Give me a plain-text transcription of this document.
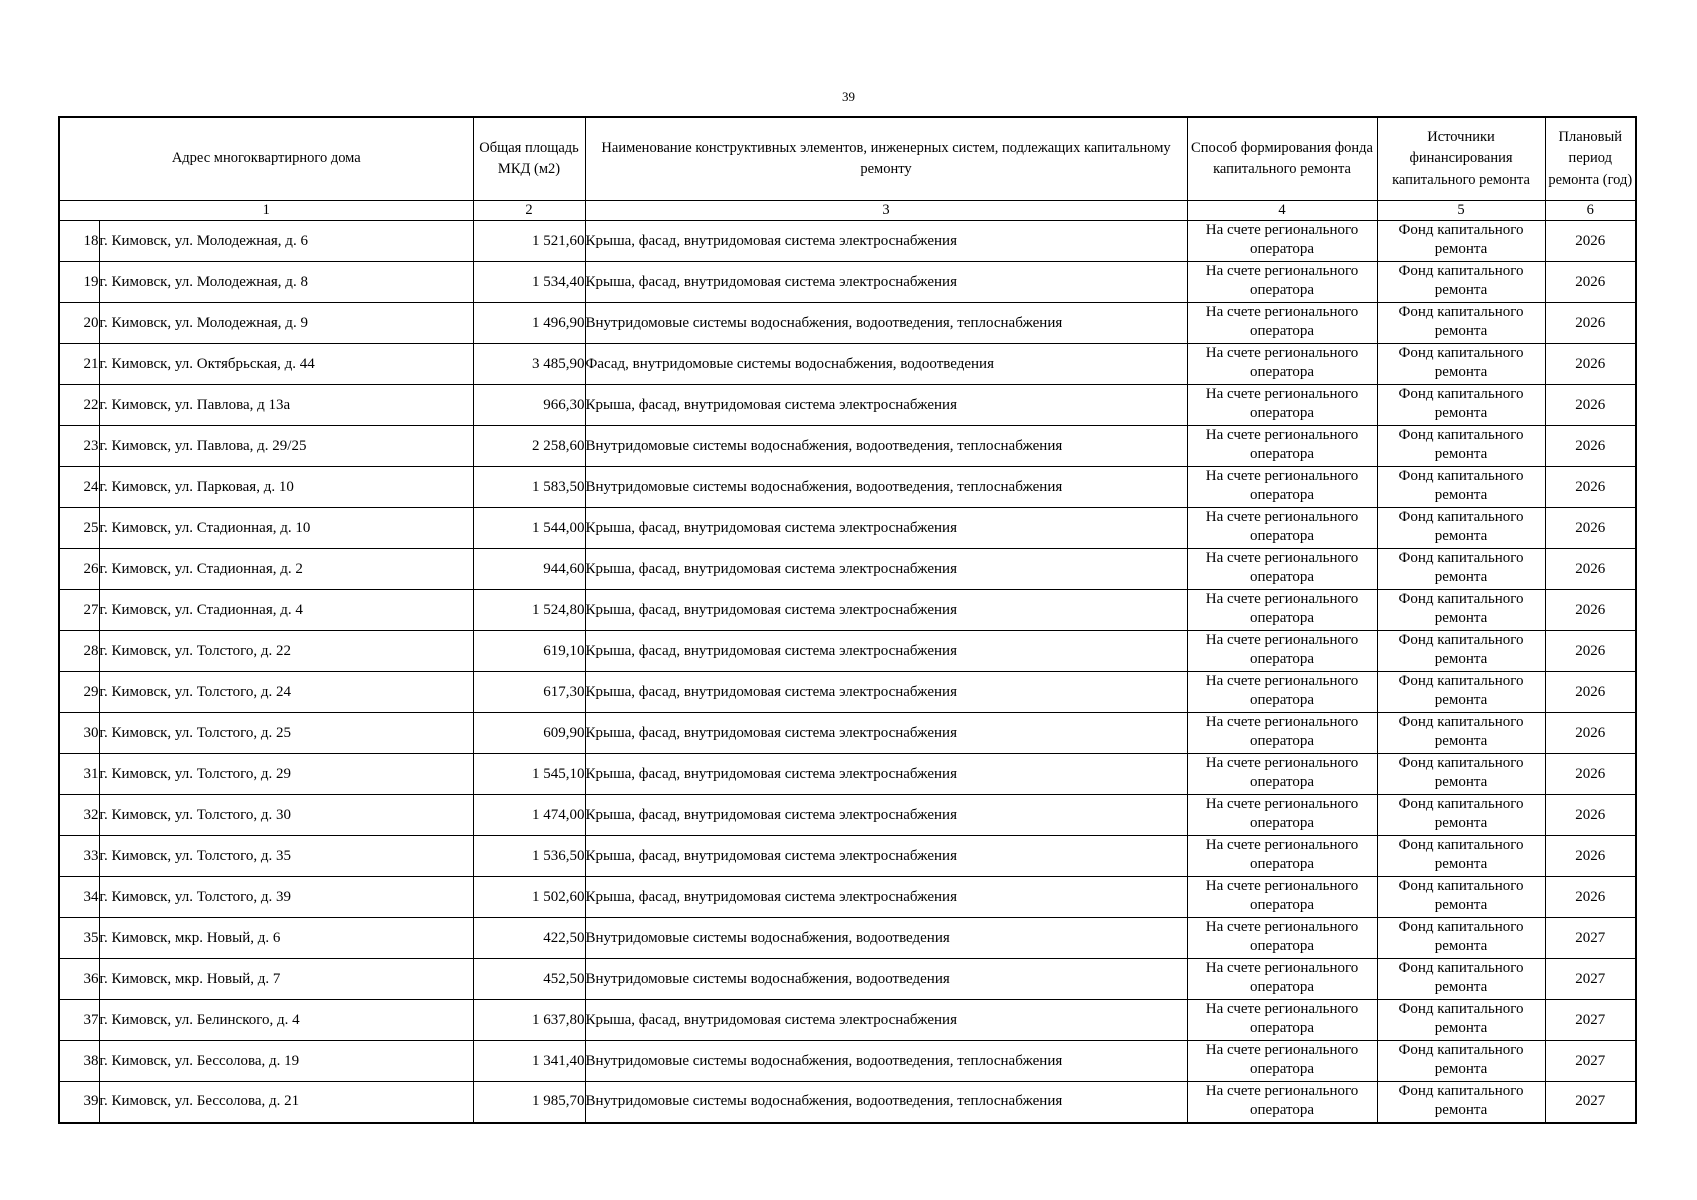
39
Адрес многоквартирного дома		Общая площадь МКД (м2)	Наименование конструктивных элементов, инженерных систем, подлежащих капитальному ремонту	Способ формирования фонда капитального ремонта	Источники финансирования капитального ремонта	Плановый период ремонта (год)
1		2	3	4	5	6
18	г. Кимовск, ул. Молодежная, д. 6	1 521,60	Крыша, фасад, внутридомовая система электроснабжения	На счете регионального оператора	Фонд капитального ремонта	2026
19	г. Кимовск, ул. Молодежная, д. 8	1 534,40	Крыша, фасад, внутридомовая система электроснабжения	На счете регионального оператора	Фонд капитального ремонта	2026
20	г. Кимовск, ул. Молодежная, д. 9	1 496,90	Внутридомовые системы водоснабжения, водоотведения, теплоснабжения	На счете регионального оператора	Фонд капитального ремонта	2026
21	г. Кимовск, ул. Октябрьская, д. 44	3 485,90	Фасад, внутридомовые системы водоснабжения, водоотведения	На счете регионального оператора	Фонд капитального ремонта	2026
22	г. Кимовск, ул. Павлова, д 13а	966,30	Крыша, фасад, внутридомовая система электроснабжения	На счете регионального оператора	Фонд капитального ремонта	2026
23	г. Кимовск, ул. Павлова, д. 29/25	2 258,60	Внутридомовые системы водоснабжения, водоотведения, теплоснабжения	На счете регионального оператора	Фонд капитального ремонта	2026
24	г. Кимовск, ул. Парковая, д. 10	1 583,50	Внутридомовые системы водоснабжения, водоотведения, теплоснабжения	На счете регионального оператора	Фонд капитального ремонта	2026
25	г. Кимовск, ул. Стадионная, д. 10	1 544,00	Крыша, фасад, внутридомовая система электроснабжения	На счете регионального оператора	Фонд капитального ремонта	2026
26	г. Кимовск, ул. Стадионная, д. 2	944,60	Крыша, фасад, внутридомовая система электроснабжения	На счете регионального оператора	Фонд капитального ремонта	2026
27	г. Кимовск, ул. Стадионная, д. 4	1 524,80	Крыша, фасад, внутридомовая система электроснабжения	На счете регионального оператора	Фонд капитального ремонта	2026
28	г. Кимовск, ул. Толстого, д. 22	619,10	Крыша, фасад, внутридомовая система электроснабжения	На счете регионального оператора	Фонд капитального ремонта	2026
29	г. Кимовск, ул. Толстого, д. 24	617,30	Крыша, фасад, внутридомовая система электроснабжения	На счете регионального оператора	Фонд капитального ремонта	2026
30	г. Кимовск, ул. Толстого, д. 25	609,90	Крыша, фасад, внутридомовая система электроснабжения	На счете регионального оператора	Фонд капитального ремонта	2026
31	г. Кимовск, ул. Толстого, д. 29	1 545,10	Крыша, фасад, внутридомовая система электроснабжения	На счете регионального оператора	Фонд капитального ремонта	2026
32	г. Кимовск, ул. Толстого, д. 30	1 474,00	Крыша, фасад, внутридомовая система электроснабжения	На счете регионального оператора	Фонд капитального ремонта	2026
33	г. Кимовск, ул. Толстого, д. 35	1 536,50	Крыша, фасад, внутридомовая система электроснабжения	На счете регионального оператора	Фонд капитального ремонта	2026
34	г. Кимовск, ул. Толстого, д. 39	1 502,60	Крыша, фасад, внутридомовая система электроснабжения	На счете регионального оператора	Фонд капитального ремонта	2026
35	г. Кимовск, мкр. Новый, д. 6	422,50	Внутридомовые системы водоснабжения, водоотведения	На счете регионального оператора	Фонд капитального ремонта	2027
36	г. Кимовск, мкр. Новый, д. 7	452,50	Внутридомовые системы водоснабжения, водоотведения	На счете регионального оператора	Фонд капитального ремонта	2027
37	г. Кимовск, ул. Белинского, д. 4	1 637,80	Крыша, фасад, внутридомовая система электроснабжения	На счете регионального оператора	Фонд капитального ремонта	2027
38	г. Кимовск, ул. Бессолова, д. 19	1 341,40	Внутридомовые системы водоснабжения, водоотведения, теплоснабжения	На счете регионального оператора	Фонд капитального ремонта	2027
39	г. Кимовск, ул. Бессолова, д. 21	1 985,70	Внутридомовые системы водоснабжения, водоотведения, теплоснабжения	На счете регионального оператора	Фонд капитального ремонта	2027
